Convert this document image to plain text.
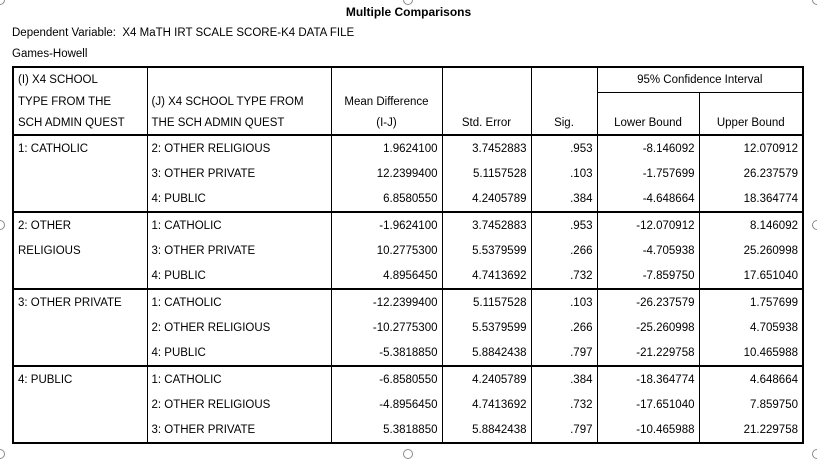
Multiple Comparisons
Dependent Variable: X4 MaTH IRT SCALE SCORE-K4 DATA FILE
Games-Howell
(I) X4 SCHOOL					95% Confidence Interval	
TYPE FROM THE	(J) X4 SCHOOL TYPE FROM	Mean Difference				
SCH ADMIN QUEST	THE SCH ADMIN QUEST	(I-J)	Std. Error	Sig.	Lower Bound	Upper Bound
1: CATHOLIC	2: OTHER RELIGIOUS	1.9624100	3.7452883	.953	-8.146092	12.070912
	3: OTHER PRIVATE	12.2399400	5.1157528	.103	-1.757699	26.237579
	4: PUBLIC	6.8580550	4.2405789	.384	-4.648664	18.364774
2: OTHER	1: CATHOLIC	-1.9624100	3.7452883	.953	-12.070912	8.146092
RELIGIOUS	3: OTHER PRIVATE	10.2775300	5.5379599	.266	-4.705938	25.260998
	4: PUBLIC	4.8956450	4.7413692	.732	-7.859750	17.651040
3: OTHER PRIVATE	1: CATHOLIC	-12.2399400	5.1157528	.103	-26.237579	1.757699
	2: OTHER RELIGIOUS	-10.2775300	5.5379599	.266	-25.260998	4.705938
	4: PUBLIC	-5.3818850	5.8842438	.797	-21.229758	10.465988
4: PUBLIC	1: CATHOLIC	-6.8580550	4.2405789	.384	-18.364774	4.648664
	2: OTHER RELIGIOUS	-4.8956450	4.7413692	.732	-17.651040	7.859750
	3: OTHER PRIVATE	5.3818850	5.8842438	.797	-10.465988	21.229758
